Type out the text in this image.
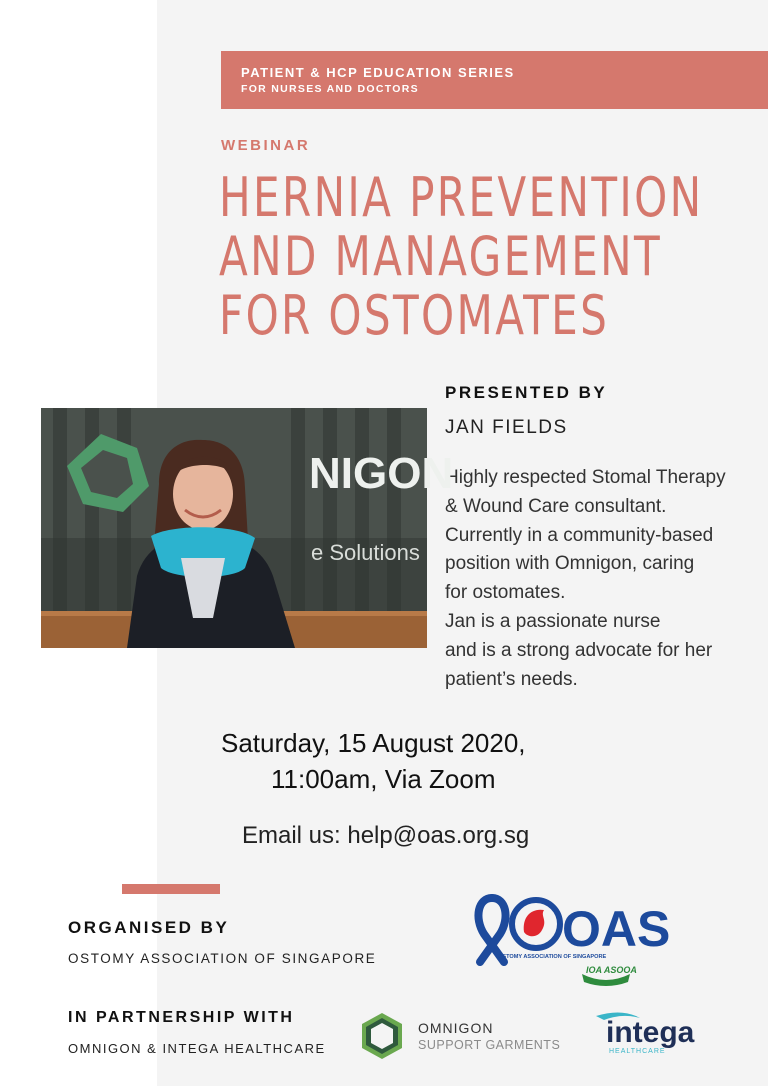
PATIENT & HCP EDUCATION SERIES
FOR NURSES AND DOCTORS
WEBINAR
HERNIA PREVENTION
AND MANAGEMENT
FOR OSTOMATES
PRESENTED BY
JAN FIELDS
Highly respected Stomal Therapy
& Wound Care consultant.
Currently in a community-based
position with Omnigon, caring
for ostomates.
Jan is a passionate nurse
and is a strong advocate for her
patient’s needs.
NIGON
e Solutions
Saturday, 15 August 2020,
11:00am, Via Zoom
Email us: help@oas.org.sg
ORGANISED BY
OSTOMY ASSOCIATION OF SINGAPORE
IN PARTNERSHIP WITH
OMNIGON & INTEGA HEALTHCARE
OAS
OSTOMY ASSOCIATION OF SINGAPORE
IOA ASOOA
OMNIGON
SUPPORT GARMENTS intega
HEALTHCARE
